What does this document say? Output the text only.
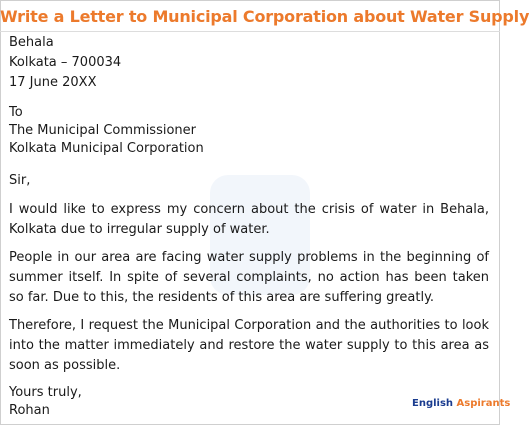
Write a Letter to Municipal Corporation about Water Supply
Behala
Kolkata – 700034
17 June 20XX
To
The Municipal Commissioner
Kolkata Municipal Corporation
Sir,
I would like to express my concern about the crisis of water in Behala, Kolkata due to irregular supply of water.
People in our area are facing water supply problems in the beginning of summer itself. In spite of several complaints, no action has been taken so far. Due to this, the residents of this area are suffering greatly.
Therefore, I request the Municipal Corporation and the authorities to look into the matter immediately and restore the water supply to this area as soon as possible.
Yours truly,
Rohan	English Aspirants
